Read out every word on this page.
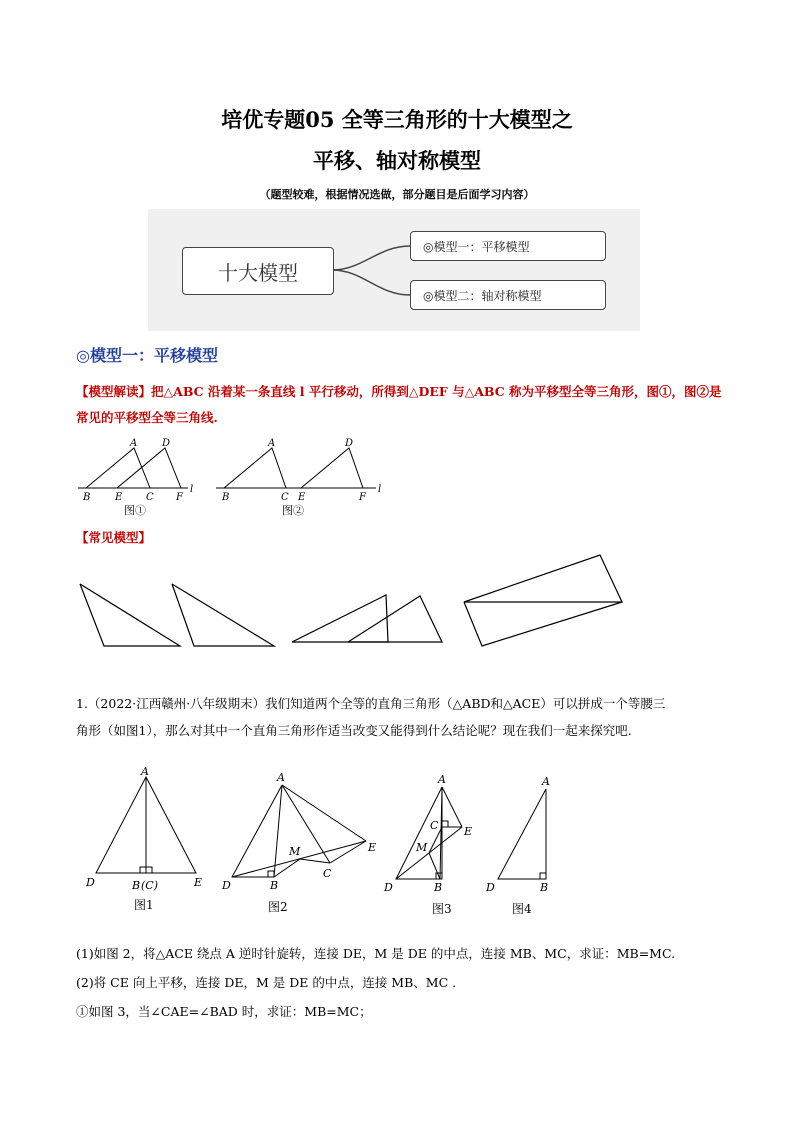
培优专题05 全等三角形的十大模型之
平移、轴对称模型
（题型较难，根据情况选做，部分题目是后面学习内容）
十大模型
◎模型一：平移模型
◎模型二：轴对称模型
◎模型一：平移模型
【模型解读】把△ABC 沿着某一条直线 l 平行移动，所得到△DEF 与△ABC 称为平移型全等三角形，图①，图②是常见的平移型全等三角线.
A D
B E C F
l
图①
A	D
B	C E	F
l
图②
【常见模型】
1.（2022·江西赣州·八年级期末）我们知道两个全等的直角三角形（△ABD和△ACE）可以拼成一个等腰三
角形（如图1），那么对其中一个直角三角形作适当改变又能得到什么结论呢？现在我们一起来探究吧.
A
D	B (C)	E
图1
A
M	E
C
D	B
图2
A
C E
M
D	B
图3
A
D	B
图4
(1)如图 2，将△ACE 绕点 A 逆时针旋转，连接 DE，M 是 DE 的中点，连接 MB、MC，求证：MB=MC.
(2)将 CE 向上平移，连接 DE，M 是 DE 的中点，连接 MB、MC .
①如图 3，当∠CAE=∠BAD 时，求证：MB=MC；
